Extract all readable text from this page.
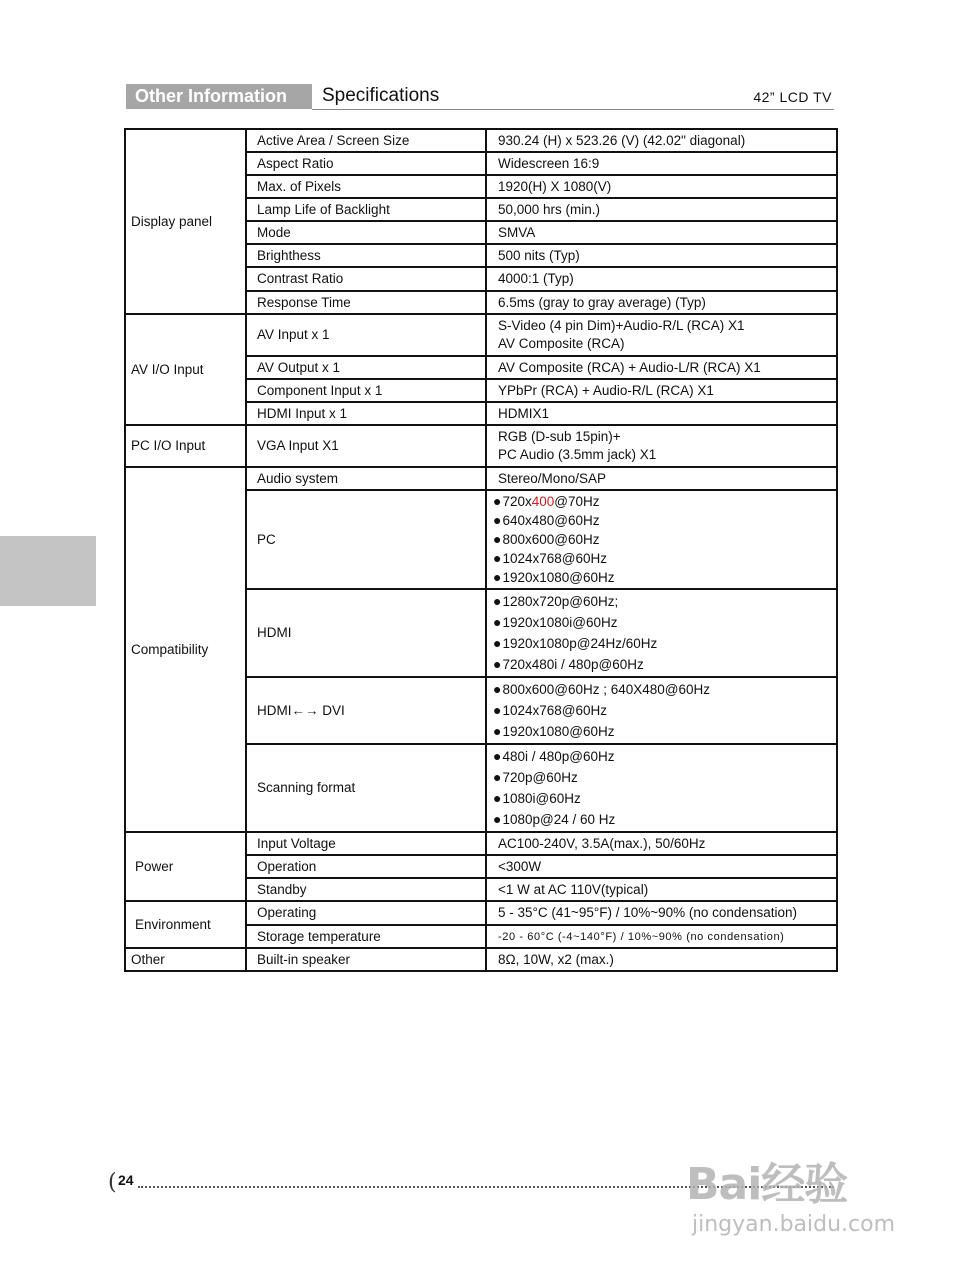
Other Information	Specifications	42” LCD TV
Display panel	Active Area / Screen Size	930.24 (H) x 523.26 (V) (42.02" diagonal)
	Aspect Ratio	Widescreen 16:9
	Max. of Pixels	1920(H) X 1080(V)
	Lamp Life of Backlight	50,000 hrs (min.)
	Mode	SMVA
	Brighthess	500 nits (Typ)
	Contrast Ratio	4000:1 (Typ)
	Response Time	6.5ms (gray to gray average) (Typ)
AV I/O Input	AV Input x 1	S-Video (4 pin Dim)+Audio-R/L (RCA) X1
AV Composite (RCA)

	AV Output x 1	AV Composite (RCA) + Audio-L/R (RCA) X1
	Component Input x 1	YPbPr (RCA) + Audio-R/L (RCA) X1
	HDMI Input x 1	HDMIX1
PC I/O Input	VGA Input X1	RGB (D-sub 15pin)+
PC Audio (3.5mm jack) X1

Compatibility	Audio system	Stereo/Mono/SAP
	PC	●720x400@70Hz
●640x480@60Hz
●800x600@60Hz
●1024x768@60Hz
●1920x1080@60Hz

	HDMI	●1280x720p@60Hz;
●1920x1080i@60Hz
●1920x1080p@24Hz/60Hz
●720x480i / 480p@60Hz

	HDMI←→ DVI	●800x600@60Hz ; 640X480@60Hz
●1024x768@60Hz
●1920x1080@60Hz

	Scanning format	●480i / 480p@60Hz
●720p@60Hz
●1080i@60Hz
●1080p@24 / 60 Hz

Power	Input Voltage	AC100-240V, 3.5A(max.), 50/60Hz
	Operation	<300W
	Standby	<1 W at AC 110V(typical)
Environment	Operating	5 - 35°C (41~95°F) / 10%~90% (no condensation)
	Storage temperature	-20 - 60°C (-4~140°F) / 10%~90% (no condensation)
Other	Built-in speaker	8Ω, 10W, x2 (max.)
( 24	Bai经验
jingyan.baidu.com
